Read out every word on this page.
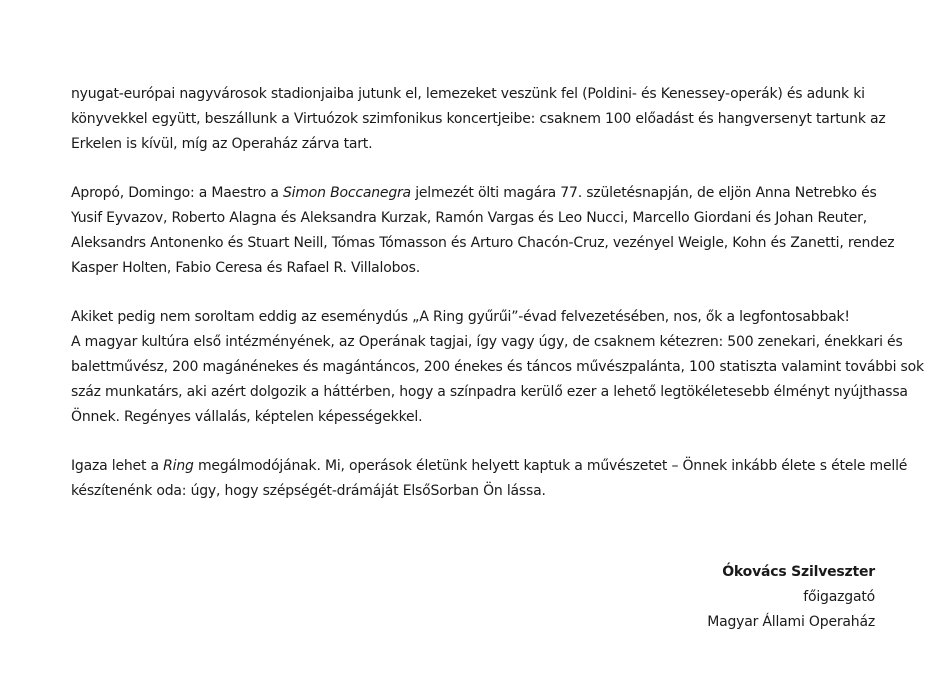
nyugat-európai nagyvárosok stadionjaiba jutunk el, lemezeket veszünk fel (Poldini- és Kenessey-operák) és adunk ki
könyvekkel együtt, beszállunk a Virtuózok szimfonikus koncertjeibe: csaknem 100 előadást és hangversenyt tartunk az
Erkelen is kívül, míg az Operaház zárva tart.

Apropó, Domingo: a Maestro a Simon Boccanegra jelmezét ölti magára 77. születésnapján, de eljön Anna Netrebko és
Yusif Eyvazov, Roberto Alagna és Aleksandra Kurzak, Ramón Vargas és Leo Nucci, Marcello Giordani és Johan Reuter,
Aleksandrs Antonenko és Stuart Neill, Tómas Tómasson és Arturo Chacón-Cruz, vezényel Weigle, Kohn és Zanetti, rendez
Kasper Holten, Fabio Ceresa és Rafael R. Villalobos.

Akiket pedig nem soroltam eddig az eseménydús „A Ring gyűrűi”-évad felvezetésében, nos, ők a legfontosabbak!
A magyar kultúra első intézményének, az Operának tagjai, így vagy úgy, de csaknem kétezren: 500 zenekari, énekkari és
balettművész, 200 magánénekes és magántáncos, 200 énekes és táncos művészpalánta, 100 statiszta valamint további sok
száz munkatárs, aki azért dolgozik a háttérben, hogy a színpadra kerülő ezer a lehető legtökéletesebb élményt nyújthassa
Önnek. Regényes vállalás, képtelen képességekkel.

Igaza lehet a Ring megálmodójának. Mi, operások életünk helyett kaptuk a művészetet – Önnek inkább élete s étele mellé
készítenénk oda: úgy, hogy szépségét-drámáját ElsőSorban Ön lássa.

Ókovács Szilveszter
főigazgató
Magyar Állami Operaház
